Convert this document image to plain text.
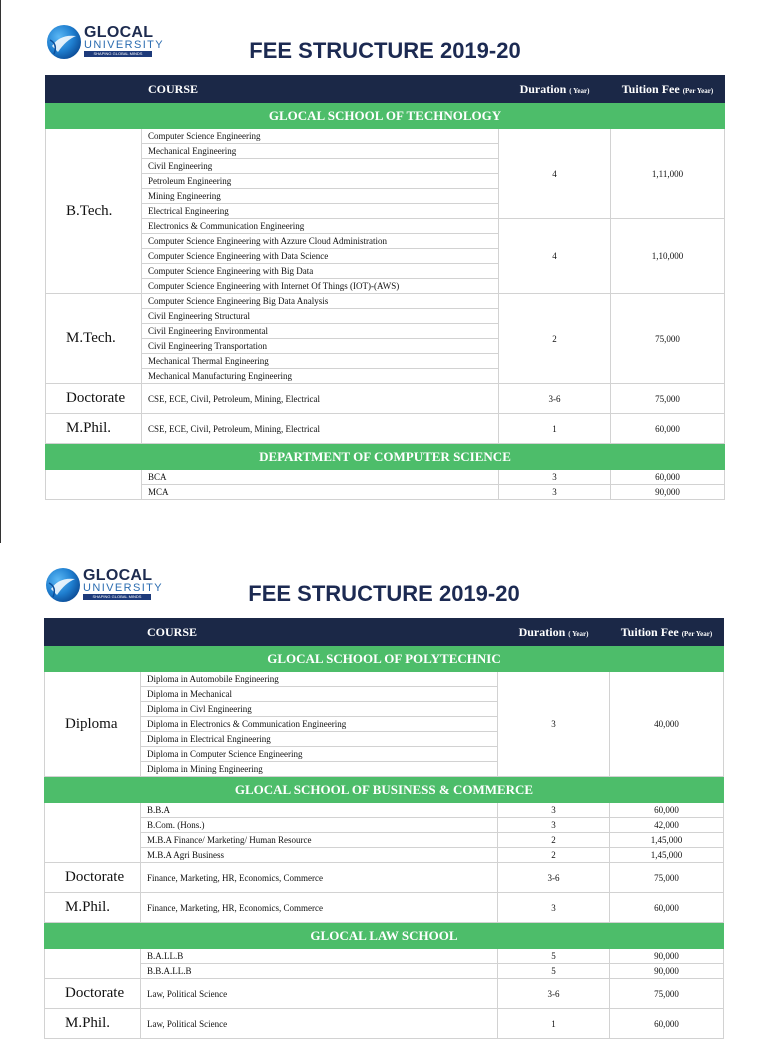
GLOCAL
UNIVERSITY
SHAPING GLOBAL MINDS	FEE STRUCTURE 2019-20
	COURSE	Duration ( Year)	Tuition Fee (Per Year)
GLOCAL SCHOOL OF TECHNOLOGY			
B.Tech.	Computer Science Engineering	4	1,11,000
	Mechanical Engineering		
	Civil Engineering		
	Petroleum Engineering		
	Mining Engineering		
	Electrical Engineering		
	Electronics & Communication Engineering	4	1,10,000
	Computer Science Engineering with Azzure Cloud Administration		
	Computer Science Engineering with Data Science		
	Computer Science Engineering with Big Data		
	Computer Science Engineering with Internet Of Things (IOT)-(AWS)		
M.Tech.	Computer Science Engineering Big Data Analysis	2	75,000
	Civil Engineering Structural		
	Civil Engineering Environmental		
	Civil Engineering Transportation		
	Mechanical Thermal Engineering		
	Mechanical Manufacturing Engineering		
Doctorate	CSE, ECE, Civil, Petroleum, Mining, Electrical	3-6	75,000
M.Phil.	CSE, ECE, Civil, Petroleum, Mining, Electrical	1	60,000
DEPARTMENT OF COMPUTER SCIENCE			
	BCA	3	60,000
	MCA	3	90,000
GLOCAL
UNIVERSITY
SHAPING GLOBAL MINDS	FEE STRUCTURE 2019-20
	COURSE	Duration ( Year)	Tuition Fee (Per Year)
GLOCAL SCHOOL OF POLYTECHNIC			
Diploma	Diploma in Automobile Engineering	3	40,000
	Diploma in Mechanical		
	Diploma in Civl Engineering		
	Diploma in Electronics & Communication Engineering		
	Diploma in Electrical Engineering		
	Diploma in Computer Science Engineering		
	Diploma in Mining Engineering		
GLOCAL SCHOOL OF BUSINESS & COMMERCE			
	B.B.A	3	60,000
	B.Com. (Hons.)	3	42,000
	M.B.A Finance/ Marketing/ Human Resource	2	1,45,000
	M.B.A Agri Business	2	1,45,000
Doctorate	Finance, Marketing, HR, Economics, Commerce	3-6	75,000
M.Phil.	Finance, Marketing, HR, Economics, Commerce	3	60,000
GLOCAL LAW SCHOOL			
	B.A.LL.B	5	90,000
	B.B.A.LL.B	5	90,000
Doctorate	Law, Political Science	3-6	75,000
M.Phil.	Law, Political Science	1	60,000
